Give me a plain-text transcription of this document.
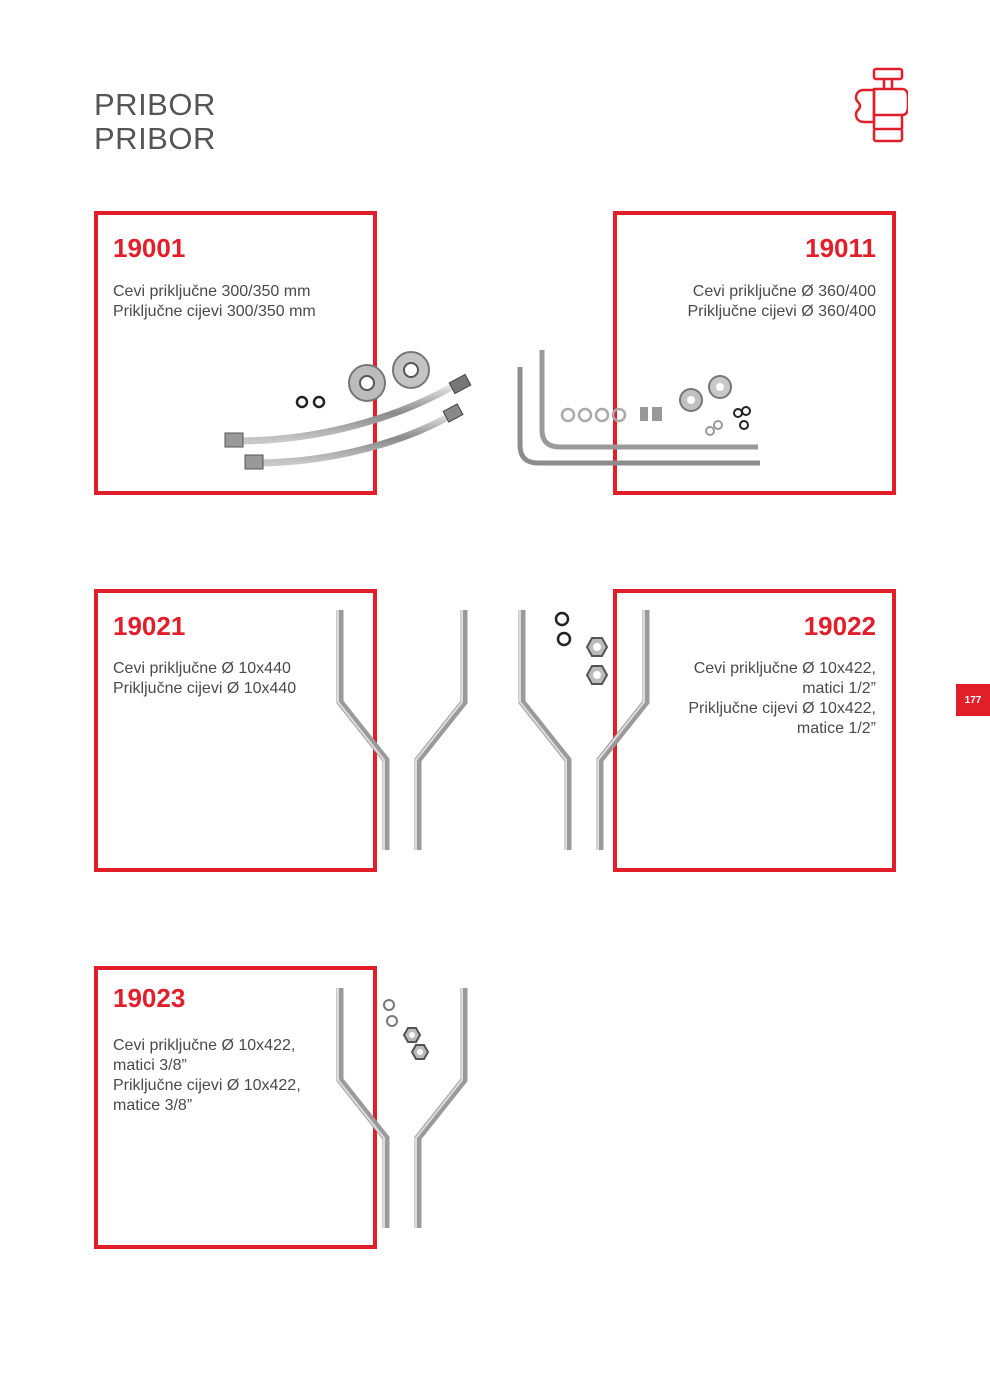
PRIBOR
PRIBOR
19001
Cevi priključne 300/350 mm
Priključne cijevi 300/350 mm
19011
Cevi priključne Ø 360/400
Priključne cijevi Ø 360/400
19021
Cevi priključne Ø 10x440
Priključne cijevi Ø 10x440
19022
Cevi priključne Ø 10x422,
matici 1/2”
Priključne cijevi Ø 10x422,
matice 1/2”
19023
Cevi priključne Ø 10x422,
matici 3/8”
Priključne cijevi Ø 10x422,
matice 3/8”
177
